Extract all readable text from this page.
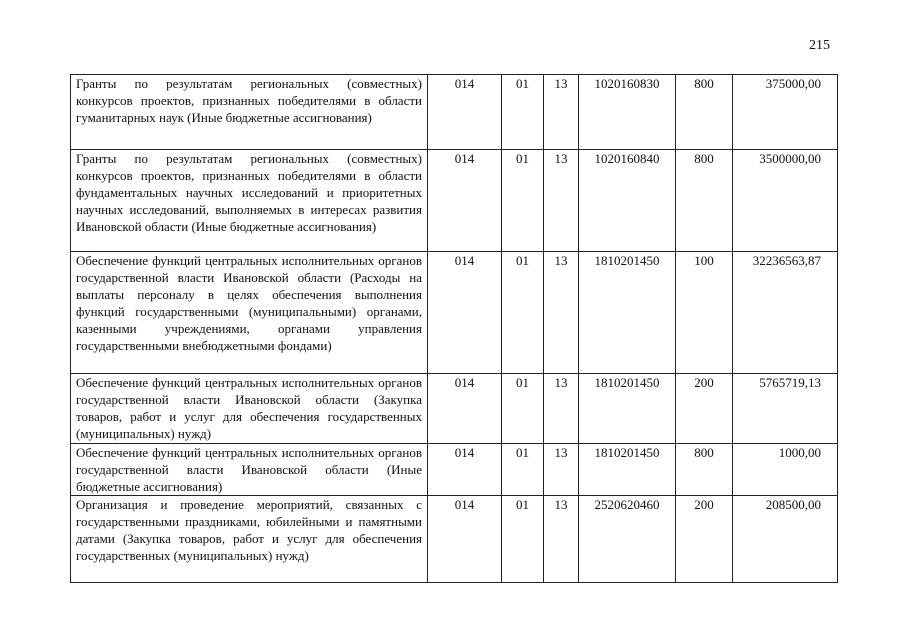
215
Гранты по результатам региональных (совместных) конкурсов проектов, признанных победителями в области гуманитарных наук (Иные бюджетные ассигнования)	014	01	13	1020160830	800	375000,00
Гранты по результатам региональных (совместных) конкурсов проектов, признанных победителями в области фундаментальных научных исследований и приоритетных научных исследований, выполняемых в интересах развития Ивановской области (Иные бюджетные ассигнования)	014	01	13	1020160840	800	3500000,00
Обеспечение функций центральных исполнительных органов государственной власти Ивановской области (Расходы на выплаты персоналу в целях обеспечения выполнения функций государственными (муниципальными) органами, казенными учреждениями, органами управления государственными внебюджетными фондами)	014	01	13	1810201450	100	32236563,87
Обеспечение функций центральных исполнительных органов государственной власти Ивановской области (Закупка товаров, работ и услуг для обеспечения государственных (муниципальных) нужд)	014	01	13	1810201450	200	5765719,13
Обеспечение функций центральных исполнительных органов государственной власти Ивановской области (Иные бюджетные ассигнования)	014	01	13	1810201450	800	1000,00
Организация и проведение мероприятий, связанных с государственными праздниками, юбилейными и памятными датами (Закупка товаров, работ и услуг для обеспечения государственных (муниципальных) нужд)	014	01	13	2520620460	200	208500,00
